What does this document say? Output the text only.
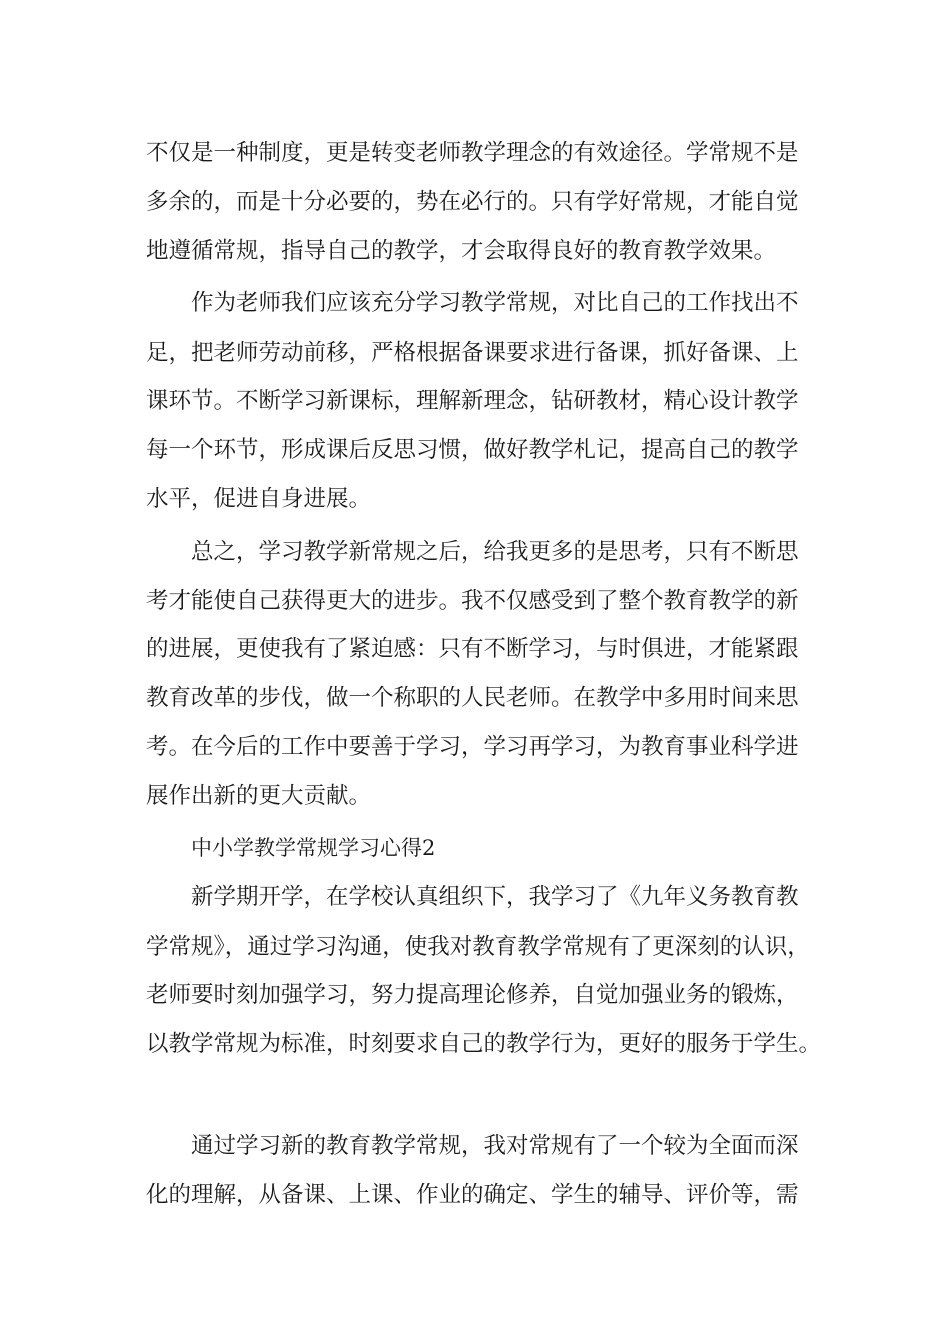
不仅是一种制度，更是转变老师教学理念的有效途径。学常规不是
多余的，而是十分必要的，势在必行的。只有学好常规，才能自觉
地遵循常规，指导自己的教学，才会取得良好的教育教学效果。
作为老师我们应该充分学习教学常规，对比自己的工作找出不
足，把老师劳动前移，严格根据备课要求进行备课，抓好备课、上
课环节。不断学习新课标，理解新理念，钻研教材，精心设计教学
每一个环节，形成课后反思习惯，做好教学札记，提高自己的教学
水平，促进自身进展。
总之，学习教学新常规之后，给我更多的是思考，只有不断思
考才能使自己获得更大的进步。我不仅感受到了整个教育教学的新
的进展，更使我有了紧迫感：只有不断学习，与时俱进，才能紧跟
教育改革的步伐，做一个称职的人民老师。在教学中多用时间来思
考。在今后的工作中要善于学习，学习再学习，为教育事业科学进
展作出新的更大贡献。
中小学教学常规学习心得2
新学期开学，在学校认真组织下，我学习了《九年义务教育教
学常规》，通过学习沟通，使我对教育教学常规有了更深刻的认识，
老师要时刻加强学习，努力提高理论修养，自觉加强业务的锻炼，
以教学常规为标准，时刻要求自己的教学行为，更好的服务于学生。
通过学习新的教育教学常规，我对常规有了一个较为全面而深
化的理解，从备课、上课、作业的确定、学生的辅导、评价等，需
